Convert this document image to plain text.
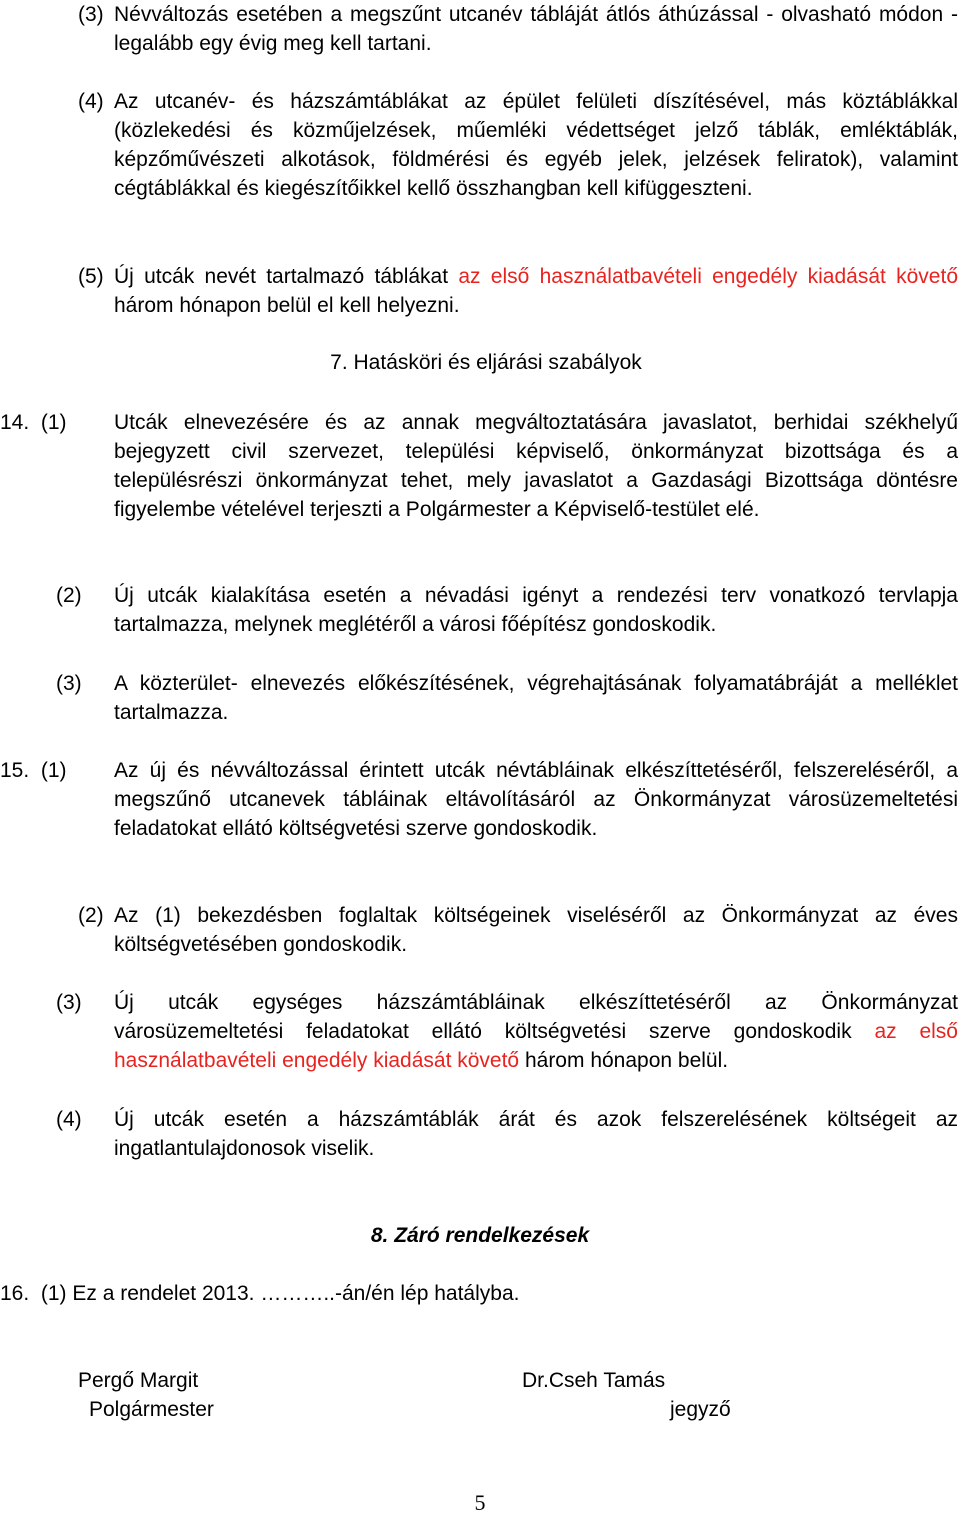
(3) Névváltozás esetében a megszűnt utcanév tábláját átlós áthúzással - olvasható módon - legalább egy évig meg kell tartani.

(4) Az utcanév- és házszámtáblákat az épület felületi díszítésével, más köztáblákkal (közlekedési és közműjelzések, műemléki védettséget jelző táblák, emléktáblák, képzőművészeti alkotások, földmérési és egyéb jelek, jelzések feliratok), valamint cégtáblákkal és kiegészítőikkel kellő összhangban kell kifüggeszteni.

(5) Új utcák nevét tartalmazó táblákat az első használatbavételi engedély kiadását követő három hónapon belül el kell helyezni.

7. Hatásköri és eljárási szabályok
14.  (1) Utcák elnevezésére és az annak megváltoztatására javaslatot, berhidai székhelyű bejegyzett civil szervezet, települési képviselő, önkormányzat bizottsága és a településrészi önkormányzat tehet, mely javaslatot a Gazdasági Bizottsága döntésre figyelembe vételével terjeszti a Polgármester a Képviselő-testület elé.

(2) Új utcák kialakítása esetén a névadási igényt a rendezési terv vonatkozó tervlapja tartalmazza, melynek meglétéről a városi főépítész gondoskodik.

(3) A közterület- elnevezés előkészítésének, végrehajtásának folyamatábráját a melléklet tartalmazza.

15.  (1) Az új és névváltozással érintett utcák névtábláinak elkészíttetéséről, felszereléséről, a megszűnő utcanevek tábláinak eltávolításáról az Önkormányzat városüzemeltetési feladatokat ellátó költségvetési szerve gondoskodik.

(2) Az (1) bekezdésben foglaltak költségeinek viseléséről az Önkormányzat az éves költségvetésében gondoskodik.

(3) Új utcák egységes házszámtábláinak elkészíttetéséről az Önkormányzat városüzemeltetési feladatokat ellátó költségvetési szerve gondoskodik az első használatbavételi engedély kiadását követő három hónapon belül.

(4) Új utcák esetén a házszámtáblák árát és azok felszerelésének költségeit az ingatlantulajdonosok viselik.

8. Záró rendelkezések
16.  (1) Ez a rendelet 2013. ………..-án/én lép hatályba.
Pergő Margit
Polgármester
Dr.Cseh Tamás
jegyző
5
